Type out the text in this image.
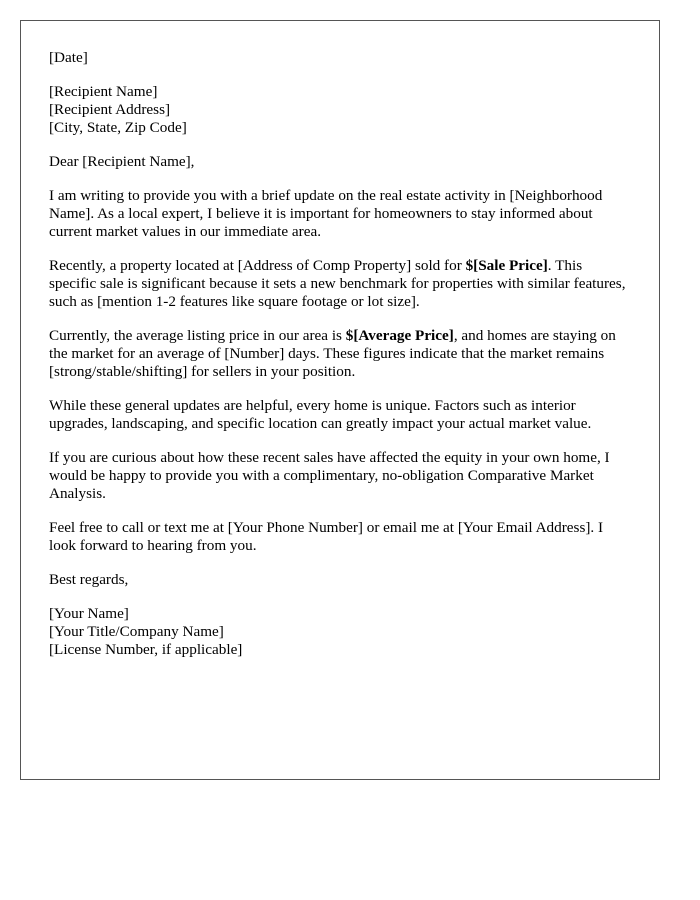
[Date]

[Recipient Name]
[Recipient Address]
[City, State, Zip Code]

Dear [Recipient Name],

I am writing to provide you with a brief update on the real estate activity in [Neighborhood Name]. As a local expert, I believe it is important for homeowners to stay informed about current market values in our immediate area.

Recently, a property located at [Address of Comp Property] sold for $[Sale Price]. This specific sale is significant because it sets a new benchmark for properties with similar features, such as [mention 1-2 features like square footage or lot size].

Currently, the average listing price in our area is $[Average Price], and homes are staying on the market for an average of [Number] days. These figures indicate that the market remains [strong/stable/shifting] for sellers in your position.

While these general updates are helpful, every home is unique. Factors such as interior upgrades, landscaping, and specific location can greatly impact your actual market value.

If you are curious about how these recent sales have affected the equity in your own home, I would be happy to provide you with a complimentary, no-obligation Comparative Market Analysis.

Feel free to call or text me at [Your Phone Number] or email me at [Your Email Address]. I look forward to hearing from you.

Best regards,

[Your Name]
[Your Title/Company Name]
[License Number, if applicable]
